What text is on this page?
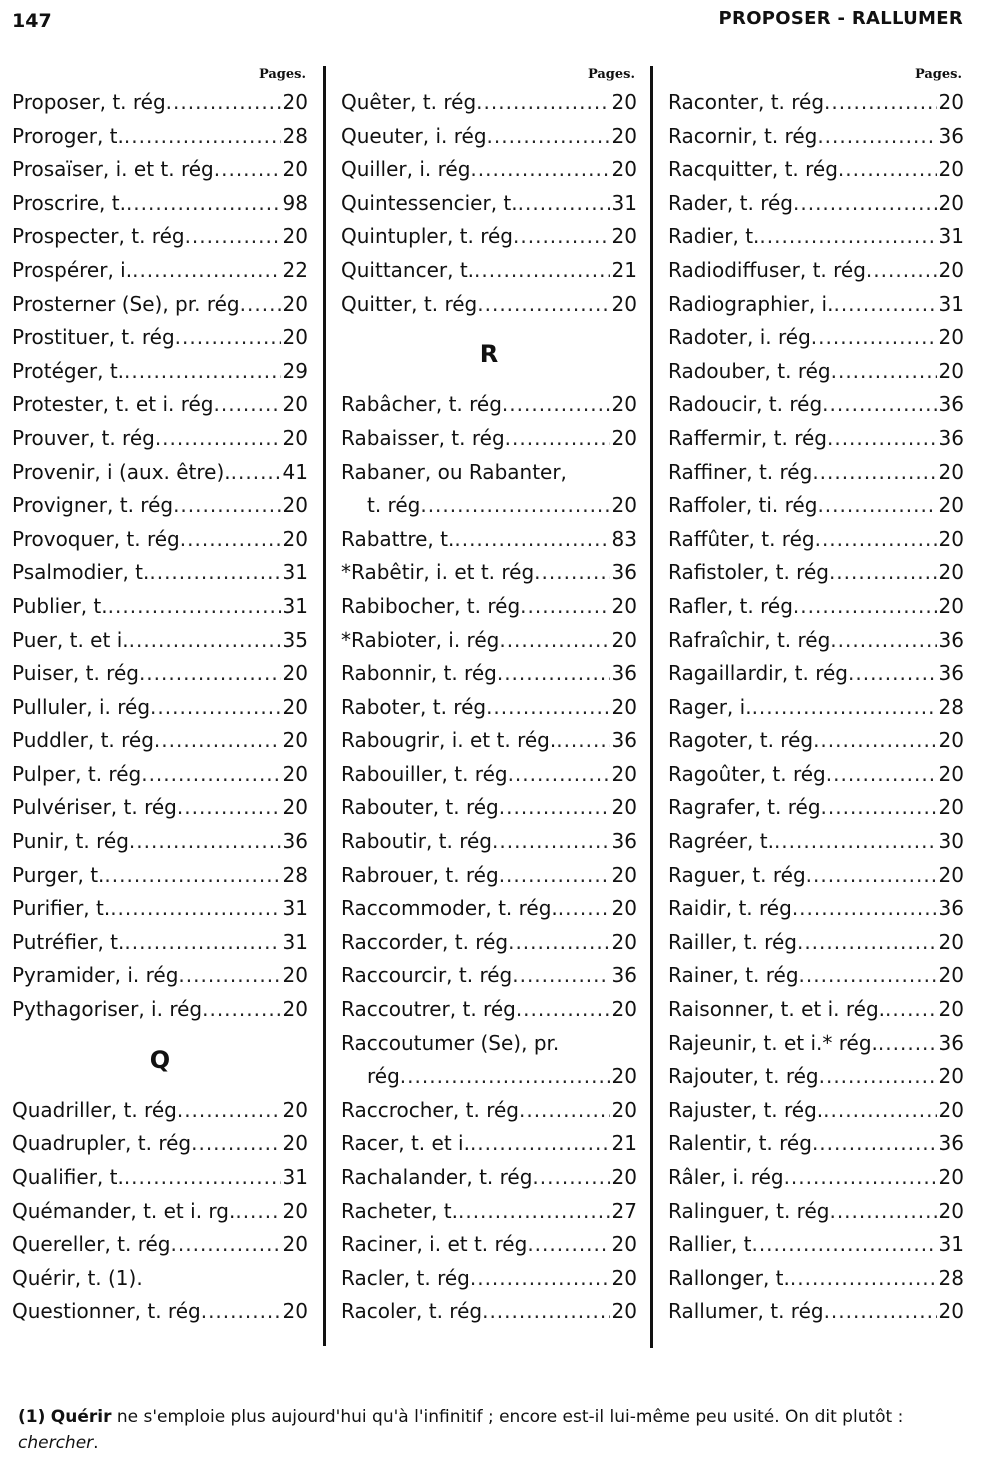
147	PROPOSER - RALLUMER
Pages.
Proposer, t. rég .....	20
Proroger, t. .....	28
Prosaïser, i. et t. rég .....	20
Proscrire, t. .....	98
Prospecter, t. rég .....	20
Prospérer, i. .....	22
Prosterner (Se), pr. rég ..... 20
Prostituer, t. rég .....	20
Protéger, t. .....	29
Protester, t. et i. rég .....	20
Prouver, t. rég .....	20
Provenir, i (aux. être). .....	41
Provigner, t. rég .....	20
Provoquer, t. rég .....	20
Psalmodier, t. .....	31
Publier, t. .....	31
Puer, t. et i. .....	35
Puiser, t. rég .....	20
Pulluler, i. rég .....	20
Puddler, t. rég .....	20
Pulper, t. rég .....	20
Pulvériser, t. rég .....	20
Punir, t. rég .....	36
Purger, t. .....	28
Purifier, t. .....	31
Putréfier, t. .....	31
Pyramider, i. rég .....	20
Pythagoriser, i. rég .....	20
Q
Quadriller, t. rég .....	20
Quadrupler, t. rég .....	20
Qualifier, t. .....	31
Quémander, t. et i. rg. ..... 20
Quereller, t. rég .....	20
Quérir, t. (1).
Questionner, t. rég .....	20
Pages.
Quêter, t. rég .....	20
Queuter, i. rég .....	20
Quiller, i. rég .....	20
Quintessencier, t. .....	31
Quintupler, t. rég .....	20
Quittancer, t. .....	21
Quitter, t. rég .....	20
R
Rabâcher, t. rég .....	20
Rabaisser, t. rég .....	20
Rabaner, ou Rabanter,
t. rég .....	20
Rabattre, t. .....	83
*Rabêtir, i. et t. rég .....	36
Rabibocher, t. rég .....	20
*Rabioter, i. rég .....	20
Rabonnir, t. rég .....	36
Raboter, t. rég .....	20
Rabougrir, i. et t. rég. .....	36
Rabouiller, t. rég .....	20
Rabouter, t. rég .....	20
Raboutir, t. rég .....	36
Rabrouer, t. rég .....	20
Raccommoder, t. rég. .....	20
Raccorder, t. rég .....	20
Raccourcir, t. rég .....	36
Raccoutrer, t. rég .....	20
Raccoutumer (Se), pr.
rég .....	20
Raccrocher, t. rég .....	20
Racer, t. et i. .....	21
Rachalander, t. rég .....	20
Racheter, t. .....	27
Raciner, i. et t. rég .....	20
Racler, t. rég .....	20
Racoler, t. rég .....	20
Pages.
Raconter, t. rég .....	20
Racornir, t. rég .....	36
Racquitter, t. rég .....	20
Rader, t. rég .....	20
Radier, t. .....	31
Radiodiffuser, t. rég .....	20
Radiographier, i. .....	31
Radoter, i. rég .....	20
Radouber, t. rég .....	20
Radoucir, t. rég .....	36
Raffermir, t. rég .....	36
Raffiner, t. rég .....	20
Raffoler, ti. rég .....	20
Raffûter, t. rég .....	20
Rafistoler, t. rég .....	20
Rafler, t. rég .....	20
Rafraîchir, t. rég .....	36
Ragaillardir, t. rég .....	36
Rager, i. .....	28
Ragoter, t. rég .....	20
Ragoûter, t. rég .....	20
Ragrafer, t. rég .....	20
Ragréer, t. .....	30
Raguer, t. rég .....	20
Raidir, t. rég .....	36
Railler, t. rég .....	20
Rainer, t. rég .....	20
Raisonner, t. et i. rég. .....	20
Rajeunir, t. et i.* rég. .....	36
Rajouter, t. rég .....	20
Rajuster, t. rég. .....	20
Ralentir, t. rég .....	36
Râler, i. rég .....	20
Ralinguer, t. rég .....	20
Rallier, t .....	31
Rallonger, t. .....	28
Rallumer, t. rég .....	20
(1) Quérir ne s'emploie plus aujourd'hui qu'à l'infinitif ; encore est-il lui-même peu usité. On dit plutôt : chercher.
